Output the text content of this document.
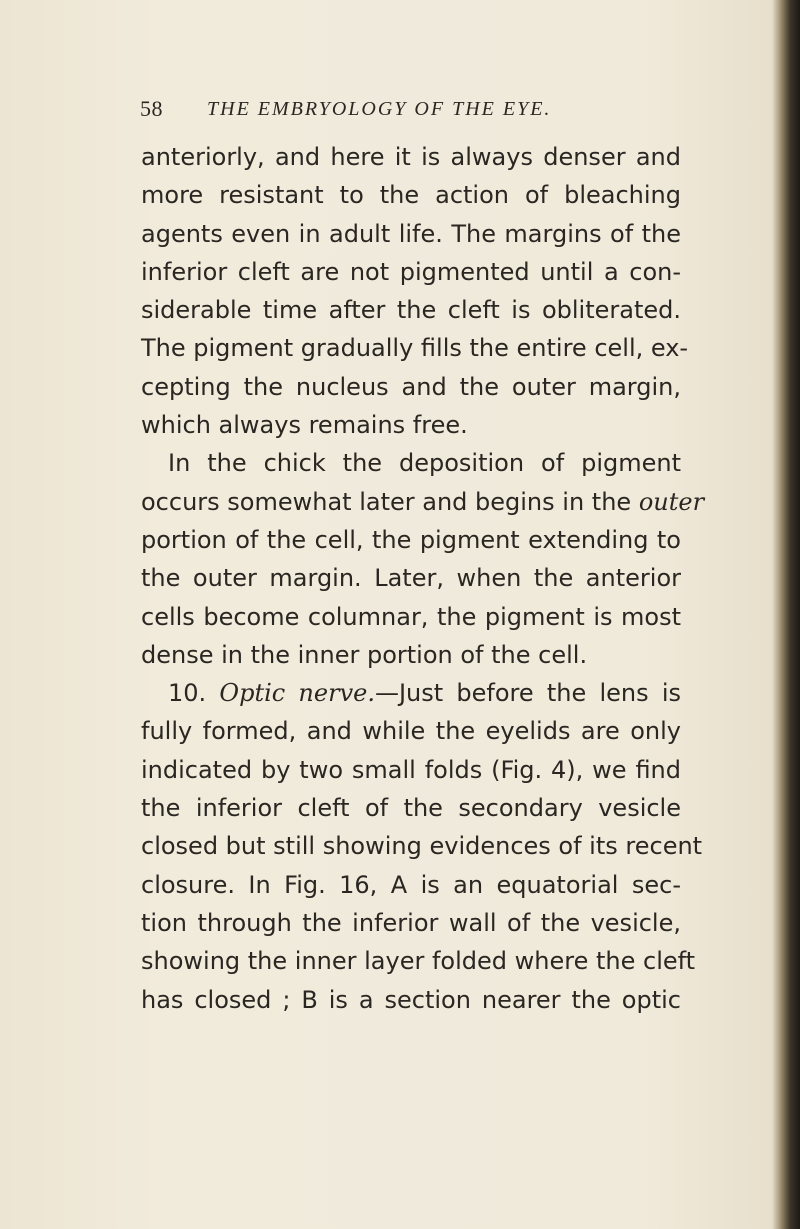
58 THE EMBRYOLOGY OF THE EYE.
anteriorly, and here it is always denser and
more resistant to the action of bleaching
agents even in adult life. The margins of the
inferior cleft are not pigmented until a con-
siderable time after the cleft is obliterated.
The pigment gradually fills the entire cell, ex-
cepting the nucleus and the outer margin,
which always remains free.
In the chick the deposition of pigment
occurs somewhat later and begins in the outer
portion of the cell, the pigment extending to
the outer margin. Later, when the anterior
cells become columnar, the pigment is most
dense in the inner portion of the cell.
10. Optic nerve.—Just before the lens is
fully formed, and while the eyelids are only
indicated by two small folds (Fig. 4), we find
the inferior cleft of the secondary vesicle
closed but still showing evidences of its recent
closure. In Fig. 16, A is an equatorial sec-
tion through the inferior wall of the vesicle,
showing the inner layer folded where the cleft
has closed ; B is a section nearer the optic
